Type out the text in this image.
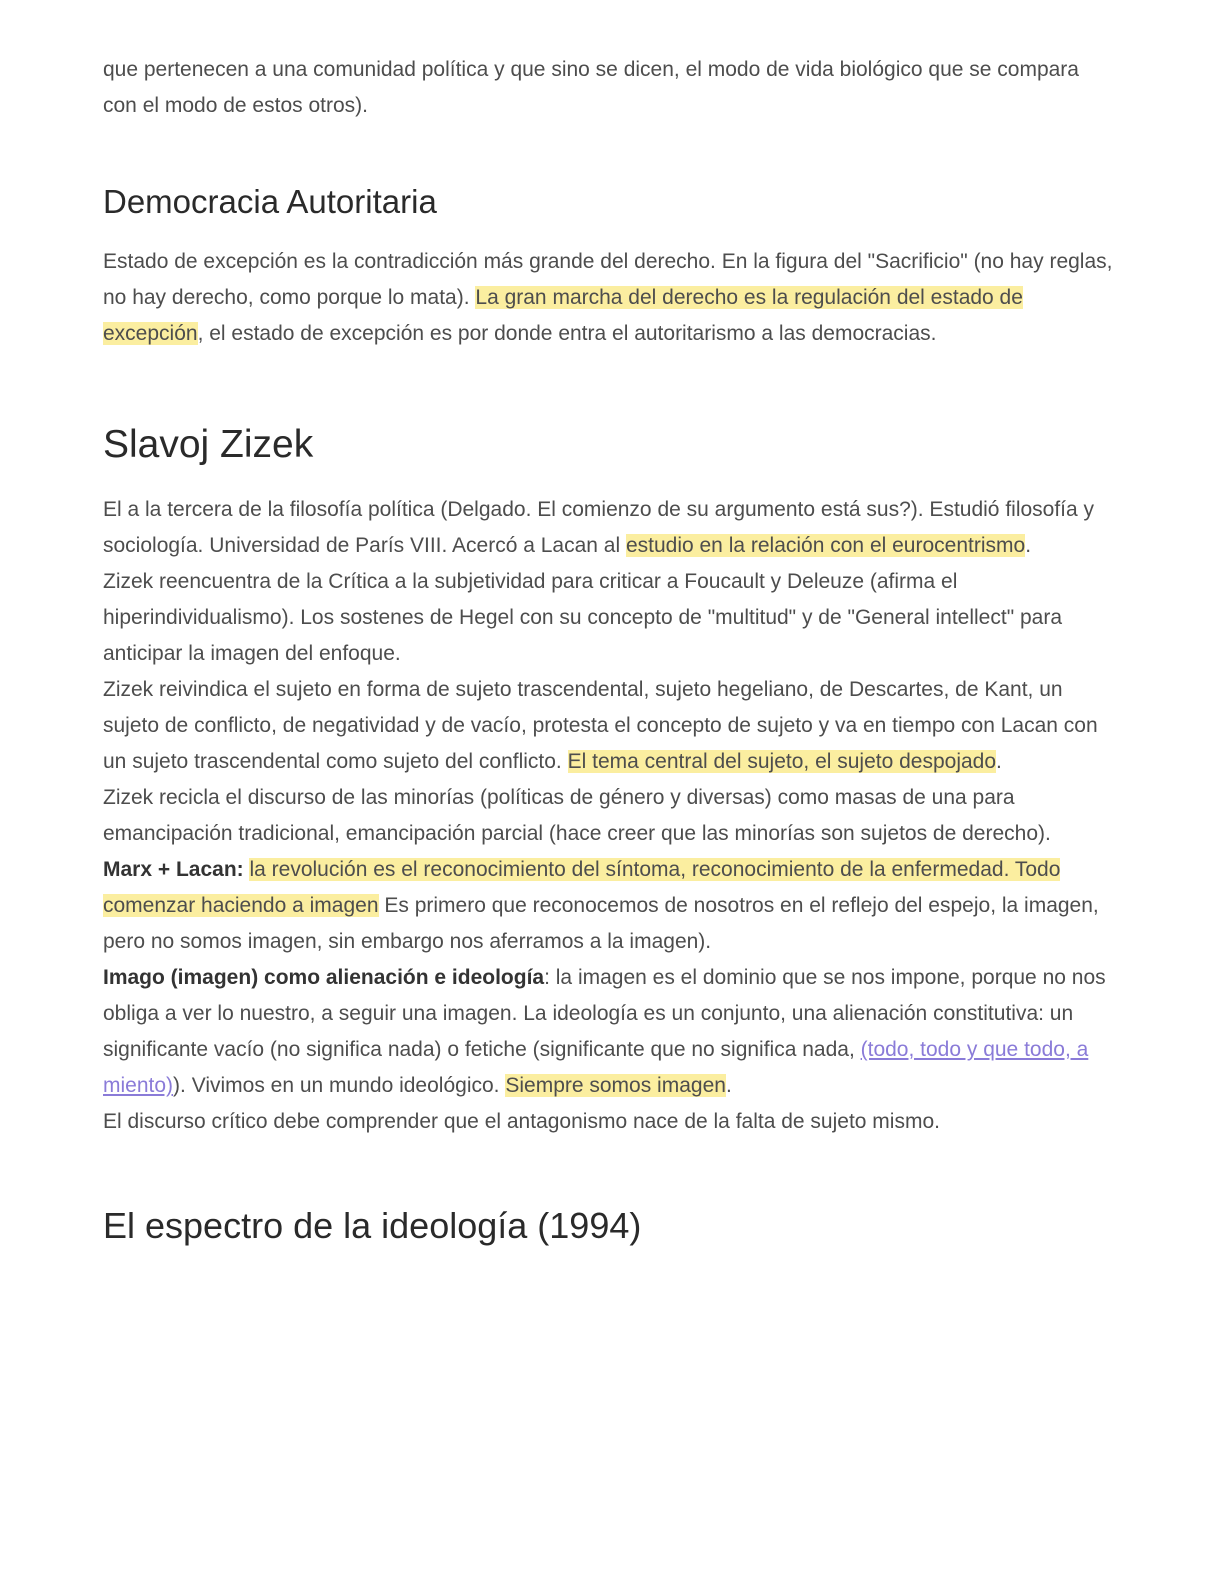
que pertenecen a una comunidad política y que sino se dicen, el modo de vida biológico que se compara con el modo de estos otros).

Democracia Autoritaria

Estado de excepción es la contradicción más grande del derecho. En la figura del "Sacrificio" (no hay reglas, no hay derecho, como porque lo mata). La gran marcha del derecho es la regulación del estado de excepción, el estado de excepción es por donde entra el autoritarismo a las democracias.

Slavoj Zizek

El a la tercera de la filosofía política (Delgado. El comienzo de su argumento está sus?). Estudió filosofía y sociología. Universidad de París VIII. Acercó a Lacan al estudio en la relación con el eurocentrismo.

Zizek reencuentra de la Crítica a la subjetividad para criticar a Foucault y Deleuze (afirma el hiperindividualismo). Los sostenes de Hegel con su concepto de "multitud" y de "General intellect" para anticipar la imagen del enfoque.

Zizek reivindica el sujeto en forma de sujeto trascendental, sujeto hegeliano, de Descartes, de Kant, un sujeto de conflicto, de negatividad y de vacío, protesta el concepto de sujeto y va en tiempo con Lacan con un sujeto trascendental como sujeto del conflicto. El tema central del sujeto, el sujeto despojado.

Zizek recicla el discurso de las minorías (políticas de género y diversas) como masas de una para emancipación tradicional, emancipación parcial (hace creer que las minorías son sujetos de derecho).

Marx + Lacan: la revolución es el reconocimiento del síntoma, reconocimiento de la enfermedad. Todo comenzar haciendo a imagen Es primero que reconocemos de nosotros en el reflejo del espejo, la imagen, pero no somos imagen, sin embargo nos aferramos a la imagen).

Imago (imagen) como alienación e ideología: la imagen es el dominio que se nos impone, porque no nos obliga a ver lo nuestro, a seguir una imagen. La ideología es un conjunto, una alienación constitutiva: un significante vacío (no significa nada) o fetiche (significante que no significa nada, (todo, todo y que todo, a miento)). Vivimos en un mundo ideológico. Siempre somos imagen.

El discurso crítico debe comprender que el antagonismo nace de la falta de sujeto mismo.

El espectro de la ideología (1994)
